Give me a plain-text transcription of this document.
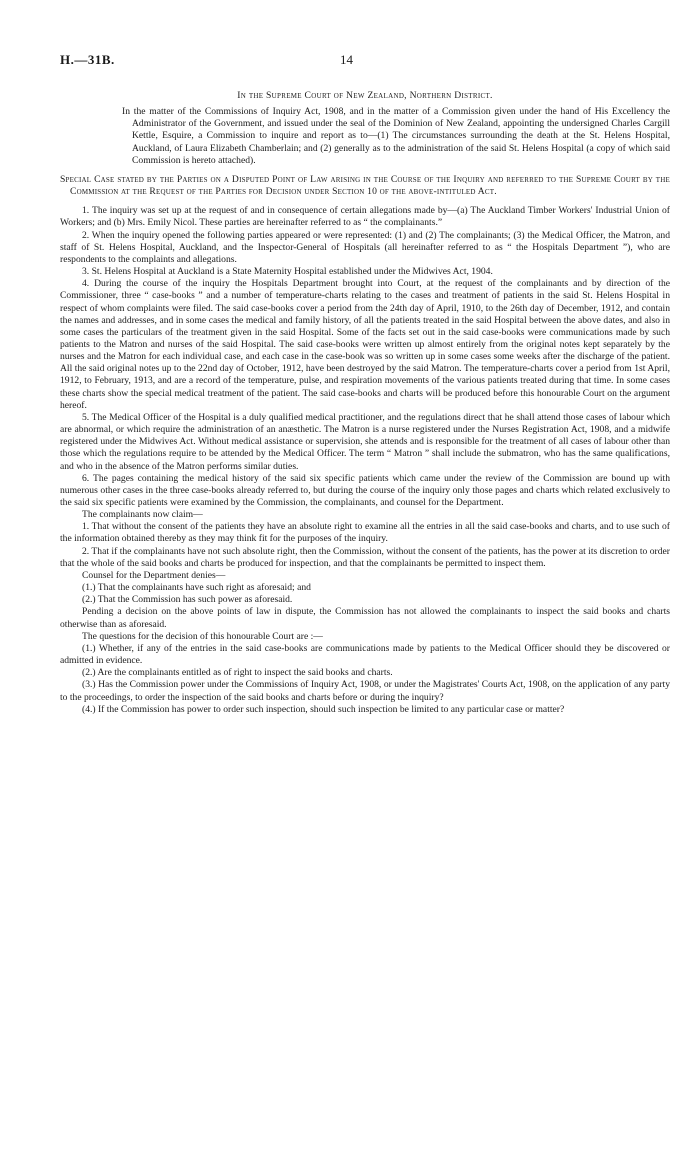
H.—31B.	14
In the Supreme Court of New Zealand, Northern District.
In the matter of the Commissions of Inquiry Act, 1908, and in the matter of a Commission given under the hand of His Excellency the Administrator of the Government, and issued under the seal of the Dominion of New Zealand, appointing the undersigned Charles Cargill Kettle, Esquire, a Commission to inquire and report as to—(1) The circumstances surrounding the death at the St. Helens Hospital, Auckland, of Laura Elizabeth Chamberlain; and (2) generally as to the administration of the said St. Helens Hospital (a copy of which said Commission is hereto attached).
Special Case stated by the Parties on a Disputed Point of Law arising in the Course of the Inquiry and referred to the Supreme Court by the Commission at the Request of the Parties for Decision under Section 10 of the above-intituled Act.

1. The inquiry was set up at the request of and in consequence of certain allegations made by—(a) The Auckland Timber Workers' Industrial Union of Workers; and (b) Mrs. Emily Nicol. These parties are hereinafter referred to as “ the complainants.”

2. When the inquiry opened the following parties appeared or were represented: (1) and (2) The complainants; (3) the Medical Officer, the Matron, and staff of St. Helens Hospital, Auckland, and the Inspector-General of Hospitals (all hereinafter referred to as “ the Hospitals Department ”), who are respondents to the complaints and allegations.

3. St. Helens Hospital at Auckland is a State Maternity Hospital established under the Midwives Act, 1904.

4. During the course of the inquiry the Hospitals Department brought into Court, at the request of the complainants and by direction of the Commissioner, three “ case-books ” and a number of temperature-charts relating to the cases and treatment of patients in the said St. Helens Hospital in respect of whom complaints were filed. The said case-books cover a period from the 24th day of April, 1910, to the 26th day of December, 1912, and contain the names and addresses, and in some cases the medical and family history, of all the patients treated in the said Hospital between the above dates, and also in some cases the particulars of the treatment given in the said Hospital. Some of the facts set out in the said case-books were communications made by such patients to the Matron and nurses of the said Hospital. The said case-books were written up almost entirely from the original notes kept separately by the nurses and the Matron for each individual case, and each case in the case-book was so written up in some cases some weeks after the discharge of the patient. All the said original notes up to the 22nd day of October, 1912, have been destroyed by the said Matron. The temperature-charts cover a period from 1st April, 1912, to February, 1913, and are a record of the temperature, pulse, and respiration movements of the various patients treated during that time. In some cases these charts show the special medical treatment of the patient. The said case-books and charts will be produced before this honourable Court on the argument hereof.

5. The Medical Officer of the Hospital is a duly qualified medical practitioner, and the regulations direct that he shall attend those cases of labour which are abnormal, or which require the administration of an anæsthetic. The Matron is a nurse registered under the Nurses Registration Act, 1908, and a midwife registered under the Midwives Act. Without medical assistance or supervision, she attends and is responsible for the treatment of all cases of labour other than those which the regulations require to be attended by the Medical Officer. The term “ Matron ” shall include the submatron, who has the same qualifications, and who in the absence of the Matron performs similar duties.

6. The pages containing the medical history of the said six specific patients which came under the review of the Commission are bound up with numerous other cases in the three case-books already referred to, but during the course of the inquiry only those pages and charts which related exclusively to the said six specific patients were examined by the Commission, the complainants, and counsel for the Department.

The complainants now claim—

1. That without the consent of the patients they have an absolute right to examine all the entries in all the said case-books and charts, and to use such of the information obtained thereby as they may think fit for the purposes of the inquiry.

2. That if the complainants have not such absolute right, then the Commission, without the consent of the patients, has the power at its discretion to order that the whole of the said books and charts be produced for inspection, and that the complainants be permitted to inspect them.

Counsel for the Department denies—

(1.) That the complainants have such right as aforesaid; and

(2.) That the Commission has such power as aforesaid.

Pending a decision on the above points of law in dispute, the Commission has not allowed the complainants to inspect the said books and charts otherwise than as aforesaid.

The questions for the decision of this honourable Court are :—

(1.) Whether, if any of the entries in the said case-books are communications made by patients to the Medical Officer should they be discovered or admitted in evidence.

(2.) Are the complainants entitled as of right to inspect the said books and charts.

(3.) Has the Commission power under the Commissions of Inquiry Act, 1908, or under the Magistrates' Courts Act, 1908, on the application of any party to the proceedings, to order the inspection of the said books and charts before or during the inquiry?

(4.) If the Commission has power to order such inspection, should such inspection be limited to any particular case or matter?
